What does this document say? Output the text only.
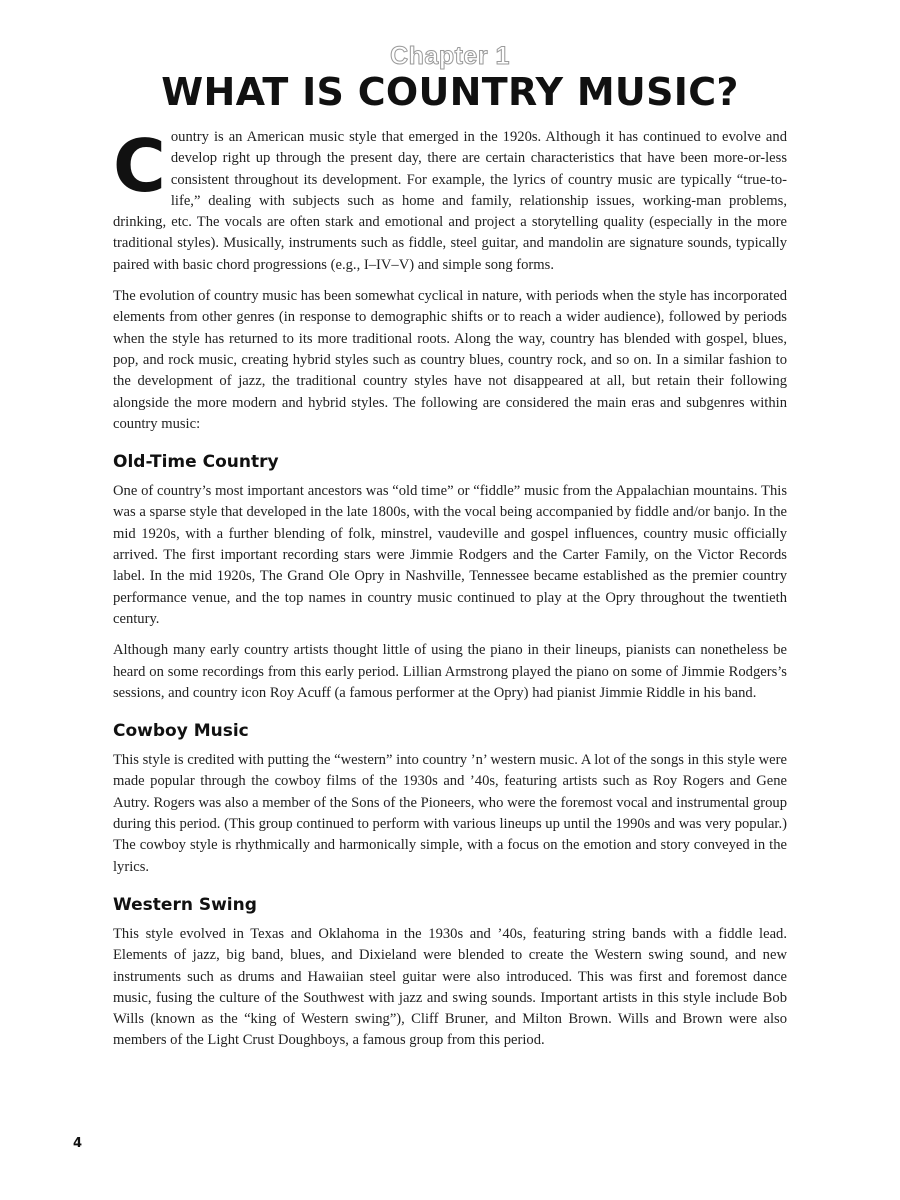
Chapter 1
WHAT IS COUNTRY MUSIC?

Country is an American music style that emerged in the 1920s. Although it has continued to evolve and develop right up through the present day, there are certain characteristics that have been more-or-less consistent throughout its development. For example, the lyrics of country music are typically “true-to-life,” dealing with subjects such as home and family, relationship issues, working-man problems, drinking, etc. The vocals are often stark and emotional and project a storytelling quality (especially in the more traditional styles). Musically, instruments such as fiddle, steel guitar, and mandolin are signature sounds, typically paired with basic chord progressions (e.g., I–IV–V) and simple song forms.

The evolution of country music has been somewhat cyclical in nature, with periods when the style has incorporated elements from other genres (in response to demographic shifts or to reach a wider audience), followed by periods when the style has returned to its more traditional roots. Along the way, country has blended with gospel, blues, pop, and rock music, creating hybrid styles such as country blues, country rock, and so on. In a similar fashion to the development of jazz, the traditional country styles have not disappeared at all, but retain their following alongside the more modern and hybrid styles. The following are considered the main eras and subgenres within country music:

Old-Time Country

One of country’s most important ancestors was “old time” or “fiddle” music from the Appalachian mountains. This was a sparse style that developed in the late 1800s, with the vocal being accompanied by fiddle and/or banjo. In the mid 1920s, with a further blending of folk, minstrel, vaudeville and gospel influences, country music officially arrived. The first important recording stars were Jimmie Rodgers and the Carter Family, on the Victor Records label. In the mid 1920s, The Grand Ole Opry in Nashville, Tennessee became established as the premier country performance venue, and the top names in country music continued to play at the Opry throughout the twentieth century.

Although many early country artists thought little of using the piano in their lineups, pianists can nonetheless be heard on some recordings from this early period. Lillian Armstrong played the piano on some of Jimmie Rodgers’s sessions, and country icon Roy Acuff (a famous performer at the Opry) had pianist Jimmie Riddle in his band.

Cowboy Music

This style is credited with putting the “western” into country ’n’ western music. A lot of the songs in this style were made popular through the cowboy films of the 1930s and ’40s, featuring artists such as Roy Rogers and Gene Autry. Rogers was also a member of the Sons of the Pioneers, who were the foremost vocal and instrumental group during this period. (This group continued to perform with various lineups up until the 1990s and was very popular.) The cowboy style is rhythmically and harmonically simple, with a focus on the emotion and story conveyed in the lyrics.

Western Swing

This style evolved in Texas and Oklahoma in the 1930s and ’40s, featuring string bands with a fiddle lead. Elements of jazz, big band, blues, and Dixieland were blended to create the Western swing sound, and new instruments such as drums and Hawaiian steel guitar were also introduced. This was first and foremost dance music, fusing the culture of the Southwest with jazz and swing sounds. Important artists in this style include Bob Wills (known as the “king of Western swing”), Cliff Bruner, and Milton Brown. Wills and Brown were also members of the Light Crust Doughboys, a famous group from this period.

4
